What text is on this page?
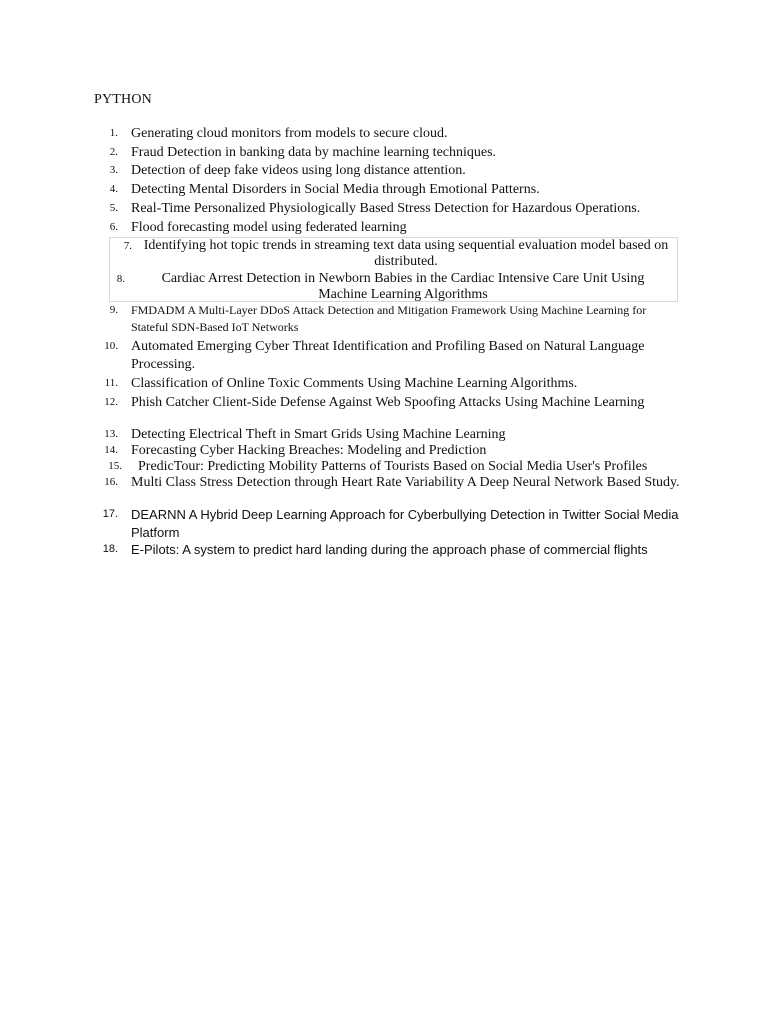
PYTHON
1. Generating cloud monitors from models to secure cloud.
2. Fraud Detection in banking data by machine learning techniques.
3. Detection of deep fake videos using long distance attention.
4. Detecting Mental Disorders in Social Media through Emotional Patterns.
5. Real-Time Personalized Physiologically Based Stress Detection for Hazardous Operations.
6. Flood forecasting model using federated learning
7. Identifying hot topic trends in streaming text data using sequential evaluation model based on distributed.
8.	Cardiac Arrest Detection in Newborn Babies in the Cardiac Intensive Care Unit Using Machine Learning Algorithms
9. FMDADM A Multi-Layer DDoS Attack Detection and Mitigation Framework Using Machine Learning for Stateful SDN-Based IoT Networks
10. Automated Emerging Cyber Threat Identification and Profiling Based on Natural Language Processing.
11. Classification of Online Toxic Comments Using Machine Learning Algorithms.
12. Phish Catcher Client-Side Defense Against Web Spoofing Attacks Using Machine Learning
13. Detecting Electrical Theft in Smart Grids Using Machine Learning
14. Forecasting Cyber Hacking Breaches: Modeling and Prediction
15. PredicTour: Predicting Mobility Patterns of Tourists Based on Social Media User's Profiles
16. Multi Class Stress Detection through Heart Rate Variability A Deep Neural Network Based Study.
17. DEARNN A Hybrid Deep Learning Approach for Cyberbullying Detection in Twitter Social Media Platform
18. E-Pilots: A system to predict hard landing during the approach phase of commercial flights
